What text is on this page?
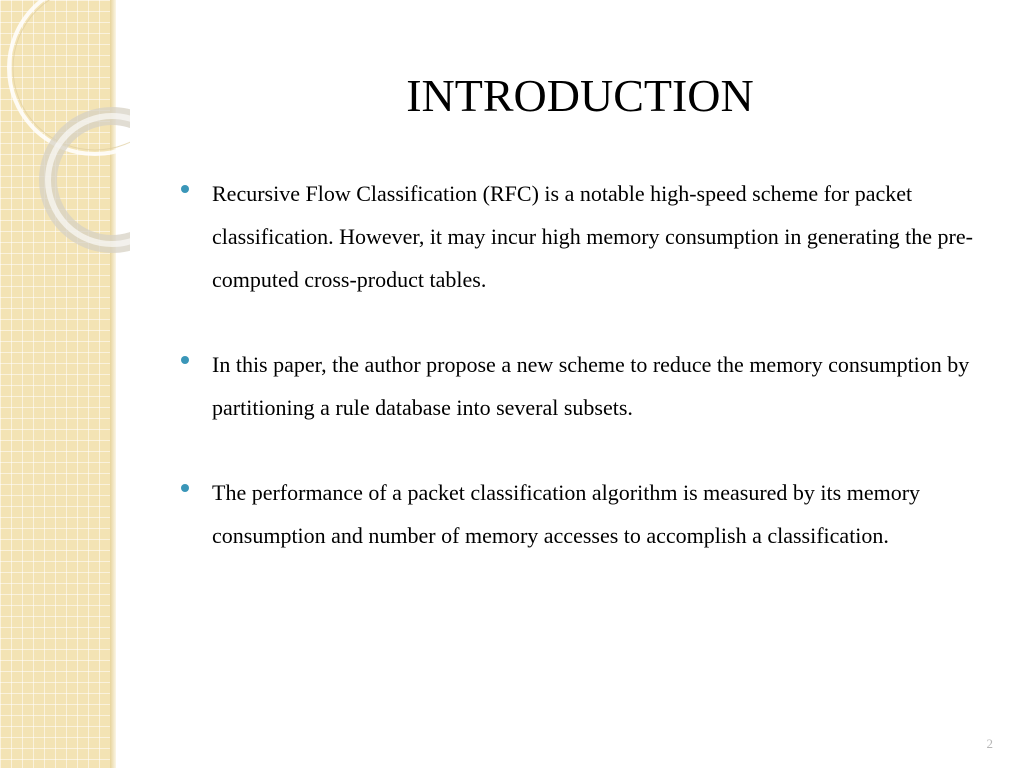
INTRODUCTION
Recursive Flow Classification (RFC) is a notable high-speed scheme for packet classification. However, it may incur high memory consumption in generating the pre-computed cross-product tables.
In this paper, the author propose a new scheme to reduce the memory consumption by partitioning a rule database into several subsets.
The performance of a packet classification algorithm is measured by its memory consumption and number of memory accesses to accomplish a classification.
2
